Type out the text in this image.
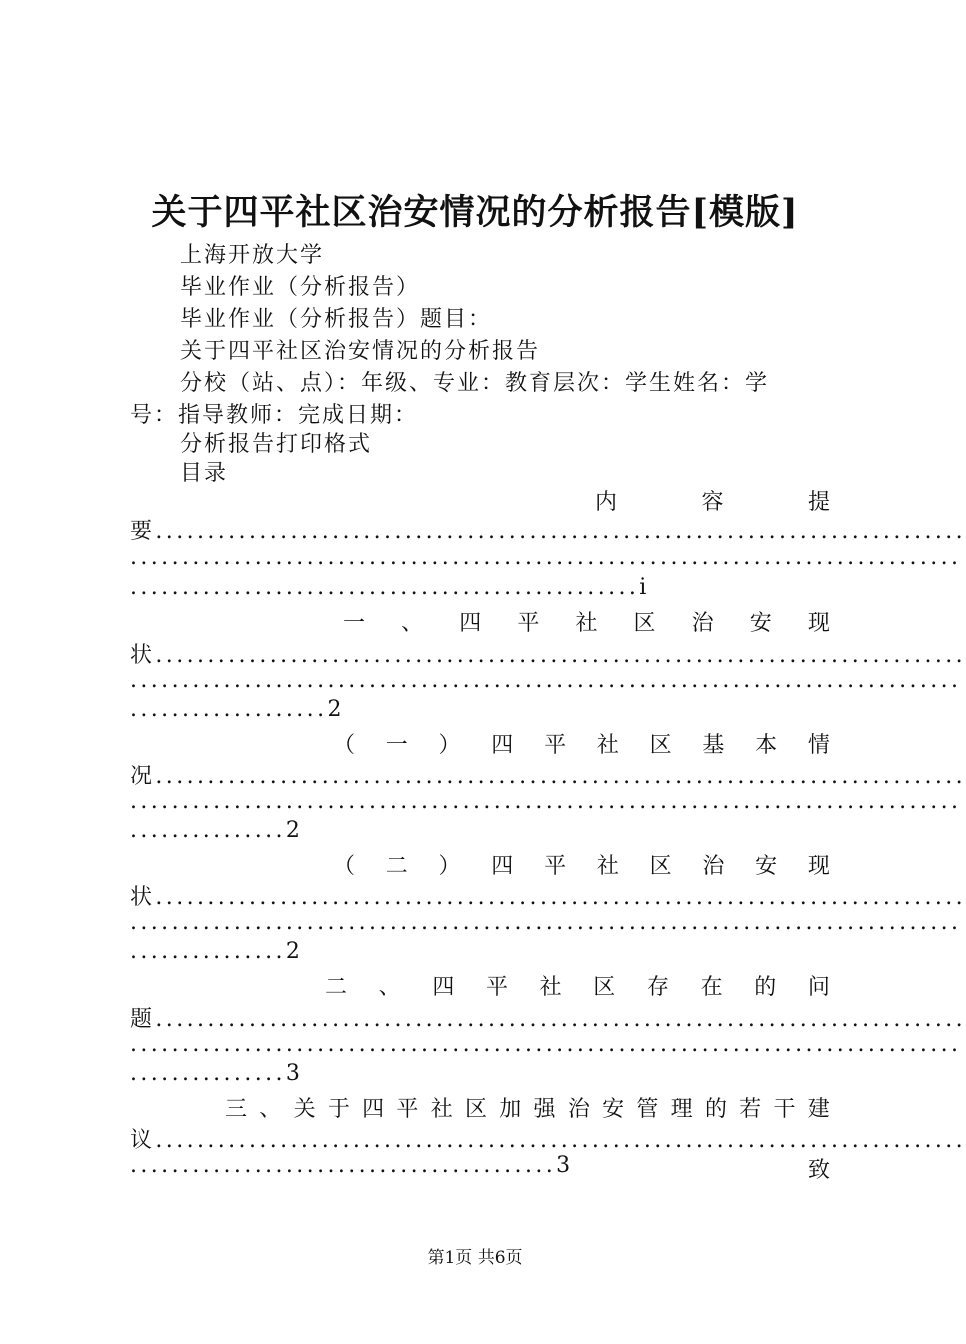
关于四平社区治安情况的分析报告[模版]
上海开放大学
毕业作业（分析报告）
毕业作业（分析报告）题目：
关于四平社区治安情况的分析报告
分校（站、点）：年级、专业：教育层次：学生姓名：学
号：指导教师：完成日期：
分析报告打印格式
目录
内	容	提
要..............................................................................
................................................................................
.................................................i
一 、 四 平 社 区 治 安 现
状..............................................................................
................................................................................
...................2
（ 一 ） 四 平 社 区 基 本 情
况..............................................................................
................................................................................
...............2
（ 二 ） 四 平 社 区 治 安 现
状..............................................................................
................................................................................
...............2
二 、 四 平 社 区 存 在 的 问
题..............................................................................
................................................................................
...............3
三 、 关 于 四 平 社 区 加 强 治 安 管 理 的 若 干 建
议..............................................................................
.........................................3	致
第1页 共6页
